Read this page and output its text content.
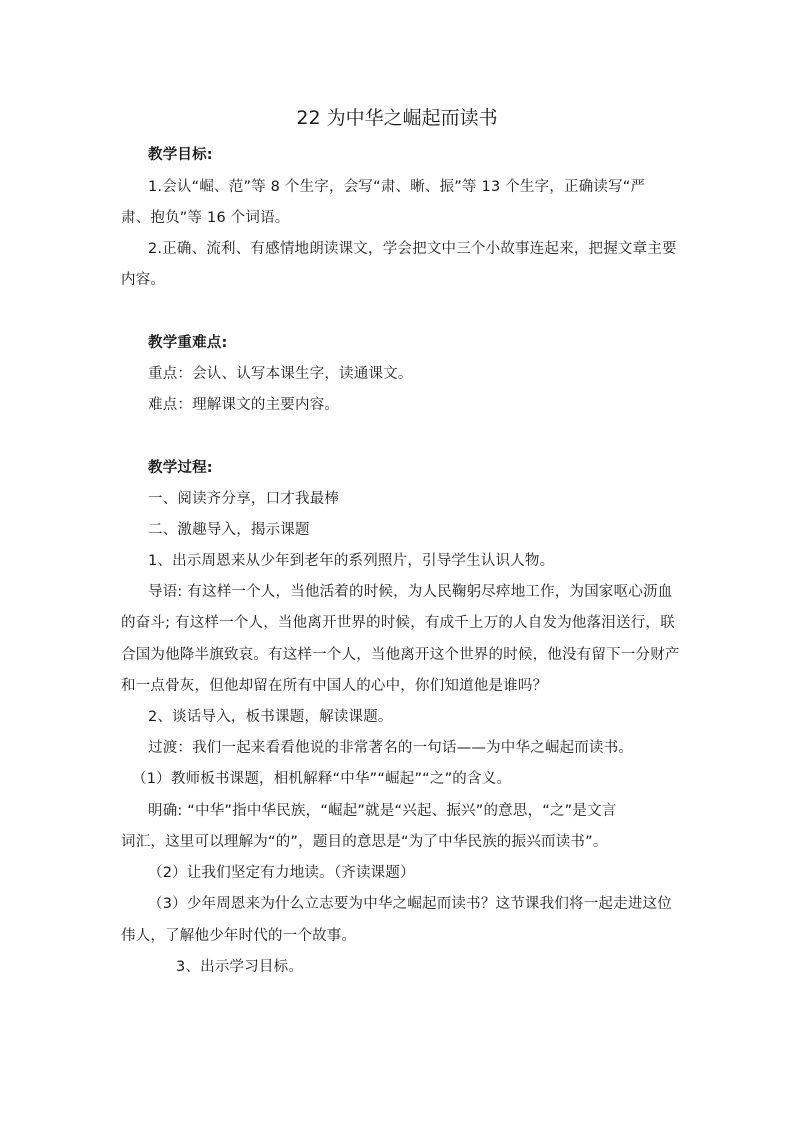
22 为中华之崛起而读书
教学目标:
1.会认“崛、范”等 8 个生字，会写“肃、晰、振”等 13 个生字，正确读写“严
肃、抱负”等 16 个词语。
2.正确、流利、有感情地朗读课文，学会把文中三个小故事连起来，把握文章主要
内容。
教学重难点:
重点：会认、认写本课生字，读通课文。
难点：理解课文的主要内容。
教学过程:
一、阅读齐分享，口才我最棒
二、激趣导入，揭示课题
1、出示周恩来从少年到老年的系列照片，引导学生认识人物。
导语: 有这样一个人，当他活着的时候，为人民鞠躬尽瘁地工作，为国家呕心沥血
的奋斗; 有这样一个人，当他离开世界的时候，有成千上万的人自发为他落泪送行，联
合国为他降半旗致哀。有这样一个人，当他离开这个世界的时候，他没有留下一分财产
和一点骨灰，但他却留在所有中国人的心中，你们知道他是谁吗？
2、谈话导入，板书课题，解读课题。
过渡：我们一起来看看他说的非常著名的一句话——为中华之崛起而读书。
（1）教师板书课题，相机解释“中华”“崛起”“之”的含义。
明确: “中华”指中华民族，“崛起”就是“兴起、振兴”的意思，“之”是文言
词汇，这里可以理解为“的”，题目的意思是“为了中华民族的振兴而读书”。
（2）让我们坚定有力地读。（齐读课题）
（3）少年周恩来为什么立志要为中华之崛起而读书？这节课我们将一起走进这位
伟人，了解他少年时代的一个故事。
3、出示学习目标。
